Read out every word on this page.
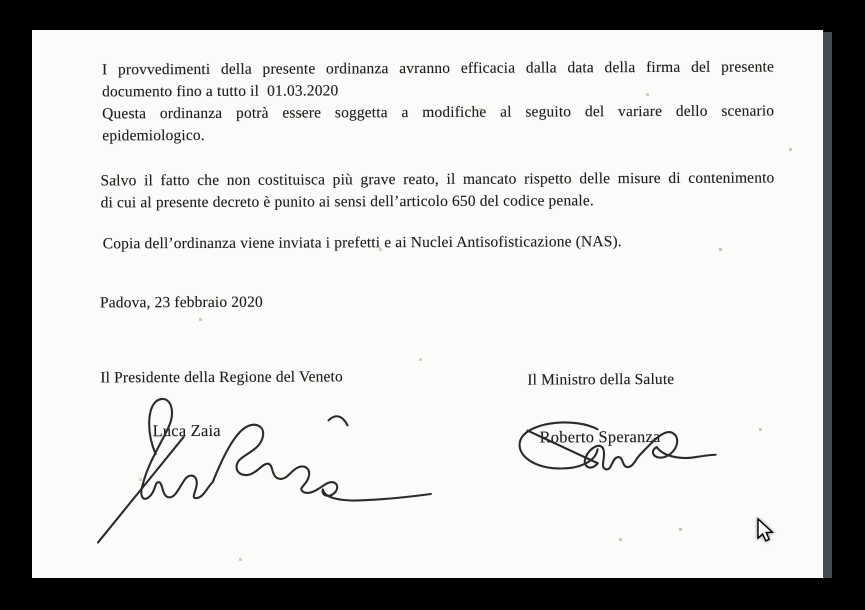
I provvedimenti della presente ordinanza avranno efficacia dalla data della firma del presente
documento fino a tutto il  01.03.2020
Questa ordinanza potrà essere soggetta a modifiche al seguito del variare dello scenario
epidemiologico.
Salvo il fatto che non costituisca più grave reato, il mancato rispetto delle misure di contenimento
di cui al presente decreto è punito ai sensi dell’articolo 650 del codice penale.
Copia dell’ordinanza viene inviata i prefetti e ai Nuclei Antisofisticazione (NAS).
Padova, 23 febbraio 2020
Il Presidente della Regione del Veneto	Il Ministro della Salute
Luca Zaia	Roberto Speranza
